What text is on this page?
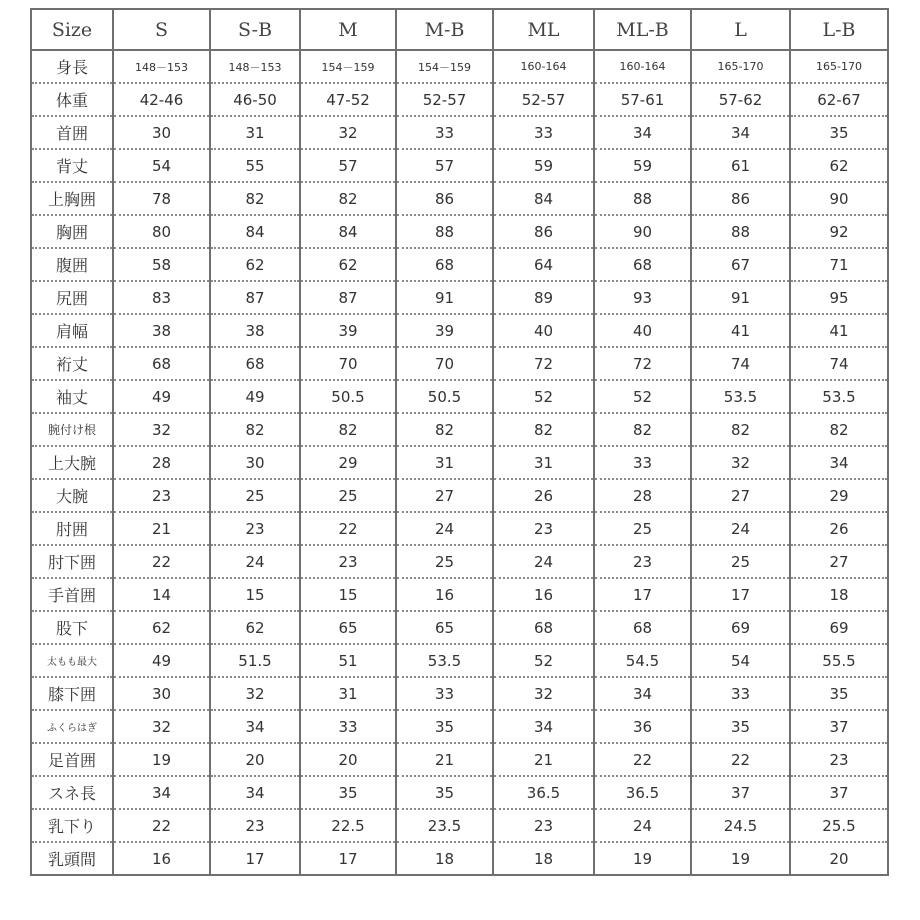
Size	S	S-B	M	M-B	ML	ML-B	L	L-B
身長	148－153	148－153	154－159	154－159	160-164	160-164	165-170	165-170
体重	42-46	46-50	47-52	52-57	52-57	57-61	57-62	62-67
首囲	30	31	32	33	33	34	34	35
背丈	54	55	57	57	59	59	61	62
上胸囲	78	82	82	86	84	88	86	90
胸囲	80	84	84	88	86	90	88	92
腹囲	58	62	62	68	64	68	67	71
尻囲	83	87	87	91	89	93	91	95
肩幅	38	38	39	39	40	40	41	41
裄丈	68	68	70	70	72	72	74	74
袖丈	49	49	50.5	50.5	52	52	53.5	53.5
腕付け根	32	82	82	82	82	82	82	82
上大腕	28	30	29	31	31	33	32	34
大腕	23	25	25	27	26	28	27	29
肘囲	21	23	22	24	23	25	24	26
肘下囲	22	24	23	25	24	23	25	27
手首囲	14	15	15	16	16	17	17	18
股下	62	62	65	65	68	68	69	69
太もも最大	49	51.5	51	53.5	52	54.5	54	55.5
膝下囲	30	32	31	33	32	34	33	35
ふくらはぎ	32	34	33	35	34	36	35	37
足首囲	19	20	20	21	21	22	22	23
スネ長	34	34	35	35	36.5	36.5	37	37
乳下り	22	23	22.5	23.5	23	24	24.5	25.5
乳頭間	16	17	17	18	18	19	19	20
